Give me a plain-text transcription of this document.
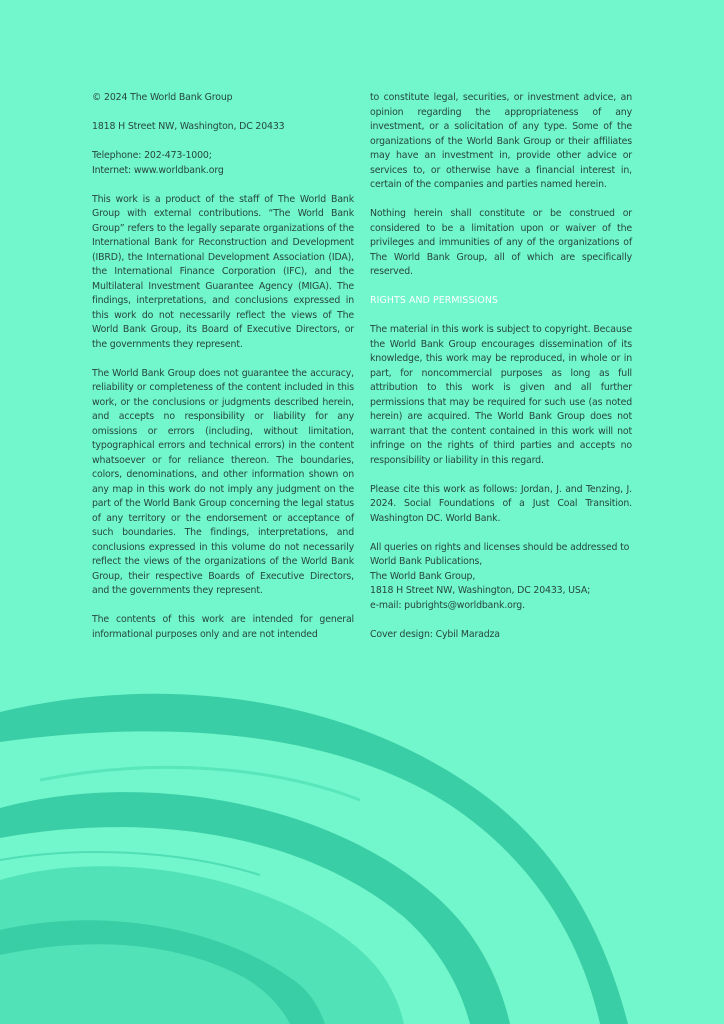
© 2024 The World Bank Group

1818 H Street NW, Washington, DC 20433

Telephone: 202-473-1000;
Internet: www.worldbank.org

This work is a product of the staff of The World Bank Group with external contributions. “The World Bank Group” refers to the legally separate organizations of the International Bank for Reconstruction and Development (IBRD), the International Development Association (IDA), the International Finance Corporation (IFC), and the Multilateral Investment Guarantee Agency (MIGA). The findings, interpretations, and conclusions expressed in this work do not necessarily reflect the views of The World Bank Group, its Board of Executive Directors, or the governments they represent.

The World Bank Group does not guarantee the accuracy, reliability or completeness of the content included in this work, or the conclusions or judgments described herein, and accepts no responsibility or liability for any omissions or errors (including, without limitation, typographical errors and technical errors) in the content whatsoever or for reliance thereon. The boundaries, colors, denominations, and other information shown on any map in this work do not imply any judgment on the part of the World Bank Group concerning the legal status of any territory or the endorsement or acceptance of such boundaries. The findings, interpretations, and conclusions expressed in this volume do not necessarily reflect the views of the organizations of the World Bank Group, their respective Boards of Executive Directors, and the governments they represent.

The contents of this work are intended for general informational purposes only and are not intended

to constitute legal, securities, or investment advice, an opinion regarding the appropriateness of any investment, or a solicitation of any type. Some of the organizations of the World Bank Group or their affiliates may have an investment in, provide other advice or services to, or otherwise have a financial interest in, certain of the companies and parties named herein.

Nothing herein shall constitute or be construed or considered to be a limitation upon or waiver of the privileges and immunities of any of the organizations of The World Bank Group, all of which are specifically reserved.

RIGHTS AND PERMISSIONS

The material in this work is subject to copyright. Because the World Bank Group encourages dissemination of its knowledge, this work may be reproduced, in whole or in part, for noncommercial purposes as long as full attribution to this work is given and all further permissions that may be required for such use (as noted herein) are acquired. The World Bank Group does not warrant that the content contained in this work will not infringe on the rights of third parties and accepts no responsibility or liability in this regard.

Please cite this work as follows: Jordan, J. and Tenzing, J. 2024. Social Foundations of a Just Coal Transition. Washington DC. World Bank.

All queries on rights and licenses should be addressed to World Bank Publications,
The World Bank Group,
1818 H Street NW, Washington, DC 20433, USA;
e-mail: pubrights@worldbank.org.

Cover design: Cybil Maradza
